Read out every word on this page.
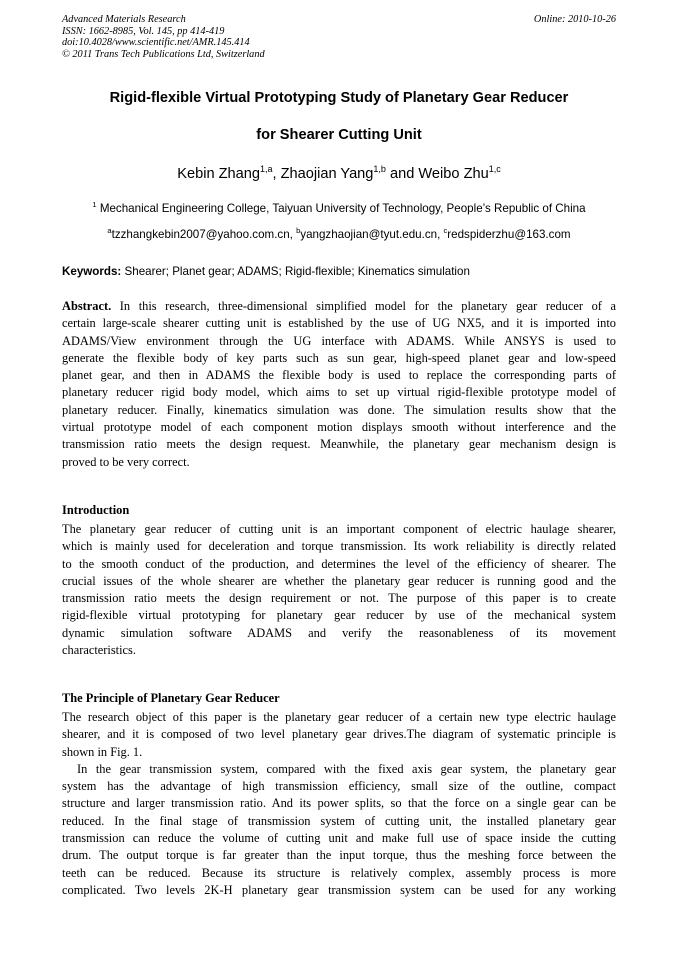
Advanced Materials Research
ISSN: 1662-8985, Vol. 145, pp 414-419
doi:10.4028/www.scientific.net/AMR.145.414
© 2011 Trans Tech Publications Ltd, Switzerland
Online: 2010-10-26
Rigid-flexible Virtual Prototyping Study of Planetary Gear Reducer
for Shearer Cutting Unit
Kebin Zhang$^{1,a}$, Zhaojian Yang$^{1,b}$ and Weibo Zhu$^{1,c}$
$^1$ Mechanical Engineering College, Taiyuan University of Technology, People’s Republic of China
$^a$tzzhangkebin2007@yahoo.com.cn, $^b$yangzhaojian@tyut.edu.cn, $^c$redspiderzhu@163.com
Keywords: Shearer; Planet gear; ADAMS; Rigid-flexible; Kinematics simulation
Abstract. In this research, three-dimensional simplified model for the planetary gear reducer of a
certain large-scale shearer cutting unit is established by the use of UG NX5, and it is imported into
ADAMS/View environment through the UG interface with ADAMS. While ANSYS is used to
generate the flexible body of key parts such as sun gear, high-speed planet gear and low-speed
planet gear, and then in ADAMS the flexible body is used to replace the corresponding parts of
planetary reducer rigid body model, which aims to set up virtual rigid-flexible prototype model of
planetary reducer. Finally, kinematics simulation was done. The simulation results show that the
virtual prototype model of each component motion displays smooth without interference and the
transmission ratio meets the design request. Meanwhile, the planetary gear mechanism design is
proved to be very correct.
Introduction
The planetary gear reducer of cutting unit is an important component of electric haulage shearer,
which is mainly used for deceleration and torque transmission. Its work reliability is directly related
to the smooth conduct of the production, and determines the level of the efficiency of shearer. The
crucial issues of the whole shearer are whether the planetary gear reducer is running good and the
transmission ratio meets the design requirement or not. The purpose of this paper is to create
rigid-flexible virtual prototyping for planetary gear reducer by use of the mechanical system
dynamic simulation software ADAMS and verify the reasonableness of its movement
characteristics.
The Principle of Planetary Gear Reducer
The research object of this paper is the planetary gear reducer of a certain new type electric haulage
shearer, and it is composed of two level planetary gear drives.The diagram of systematic principle is
shown in Fig. 1.
In the gear transmission system, compared with the fixed axis gear system, the planetary gear
system has the advantage of high transmission efficiency, small size of the outline, compact
structure and larger transmission ratio. And its power splits, so that the force on a single gear can be
reduced. In the final stage of transmission system of cutting unit, the installed planetary gear
transmission can reduce the volume of cutting unit and make full use of space inside the cutting
drum. The output torque is far greater than the input torque, thus the meshing force between the
teeth can be reduced. Because its structure is relatively complex, assembly process is more
complicated. Two levels 2K-H planetary gear transmission system can be used for any working
